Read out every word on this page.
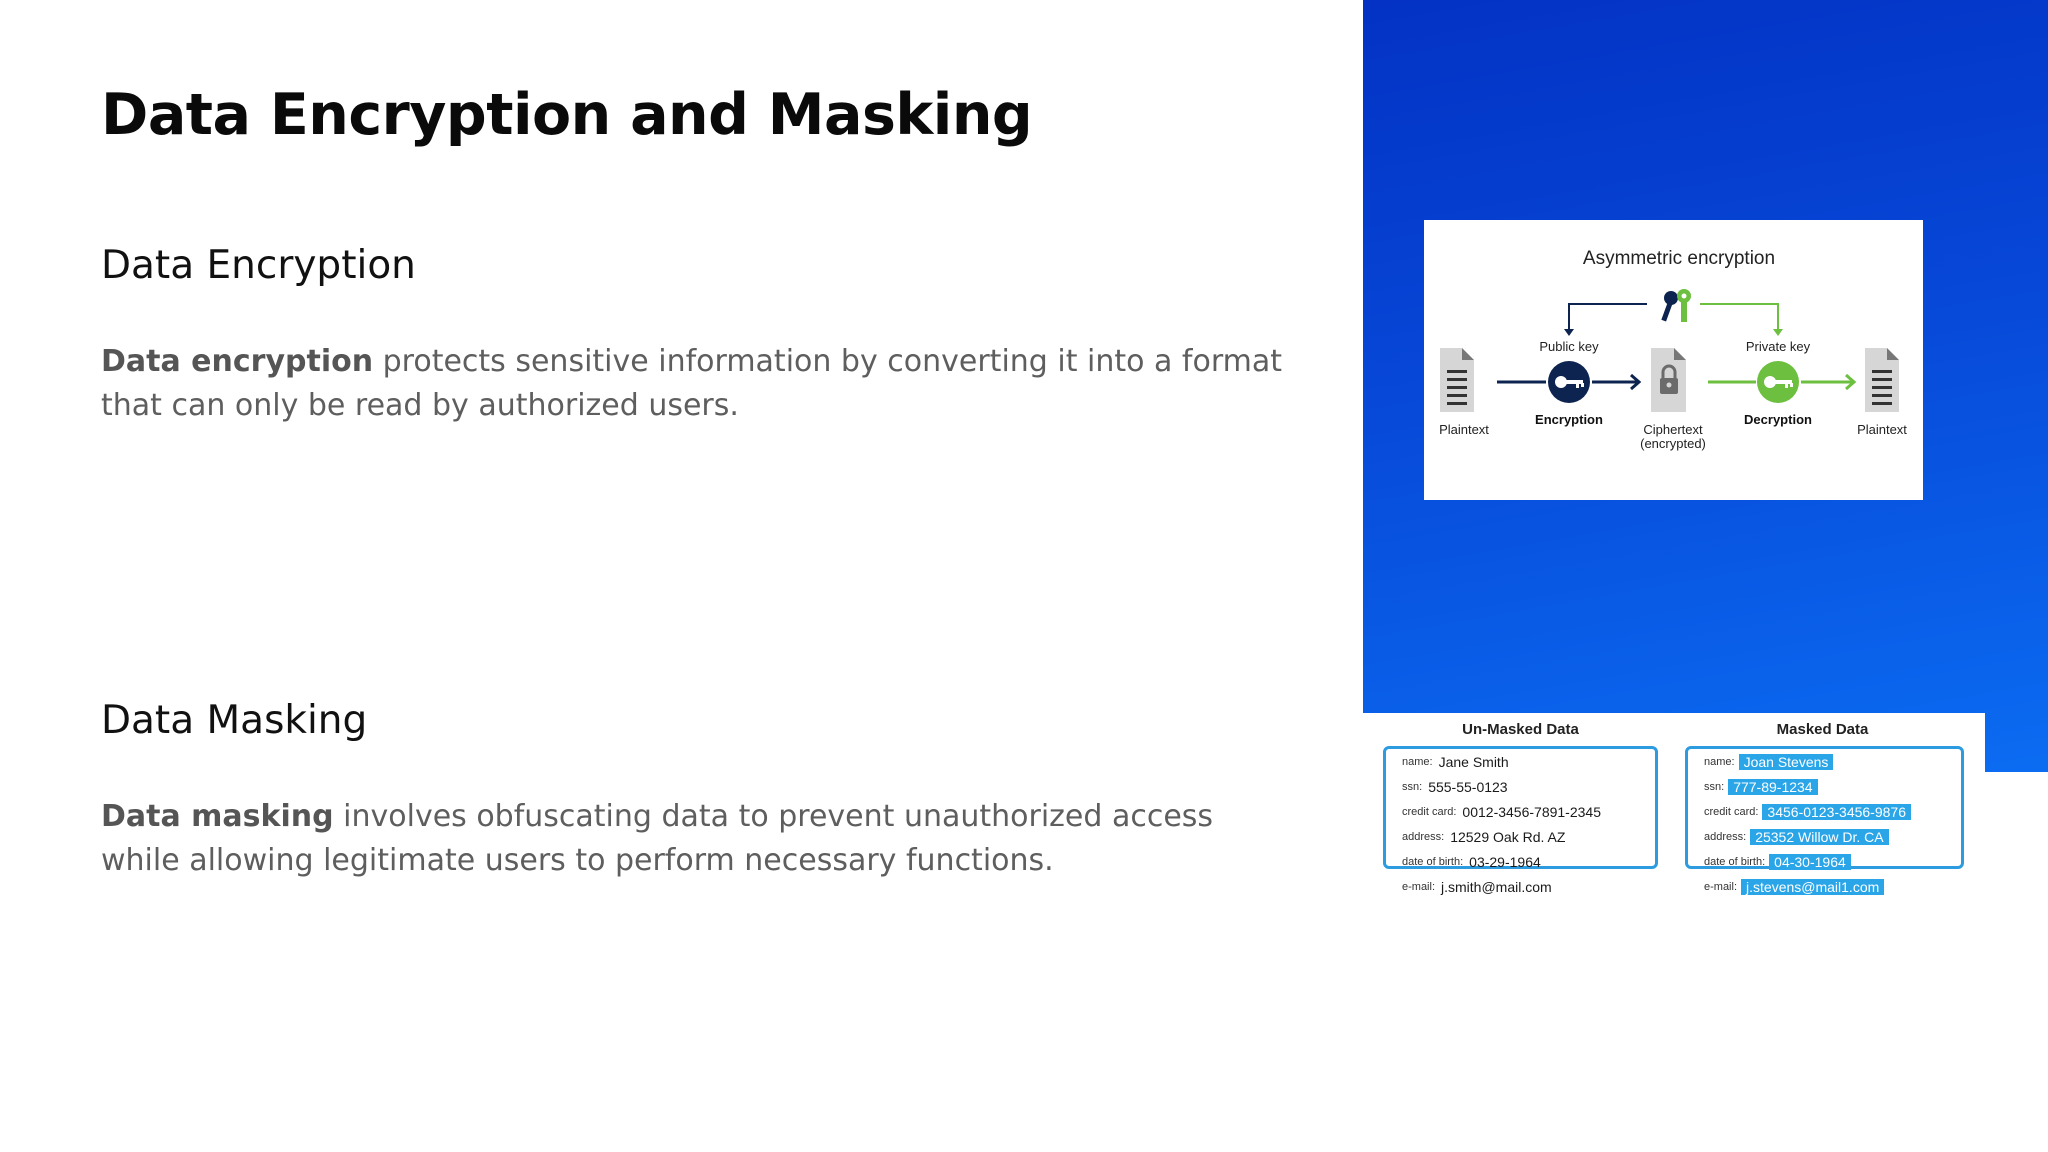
Data Encryption and Masking
Data Encryption

Data encryption protects sensitive information by converting it into a format that can only be read by authorized users.

Data Masking

Data masking involves obfuscating data to prevent unauthorized access while allowing legitimate users to perform necessary functions.

Asymmetric encryption
Public key	Private key
Plaintext
Encryption
Ciphertext
(encrypted)
Decryption
Plaintext
Un-Masked Data	Masked Data
name: Jane Smith
ssn: 555-55-0123
credit card: 0012-3456-7891-2345
address: 12529 Oak Rd. AZ
date of birth: 03-29-1964
e-mail: j.smith@mail.com
name: Joan Stevens
ssn: 777-89-1234
credit card: 3456-0123-3456-9876
address: 25352 Willow Dr. CA
date of birth: 04-30-1964
e-mail: j.stevens@mail1.com
